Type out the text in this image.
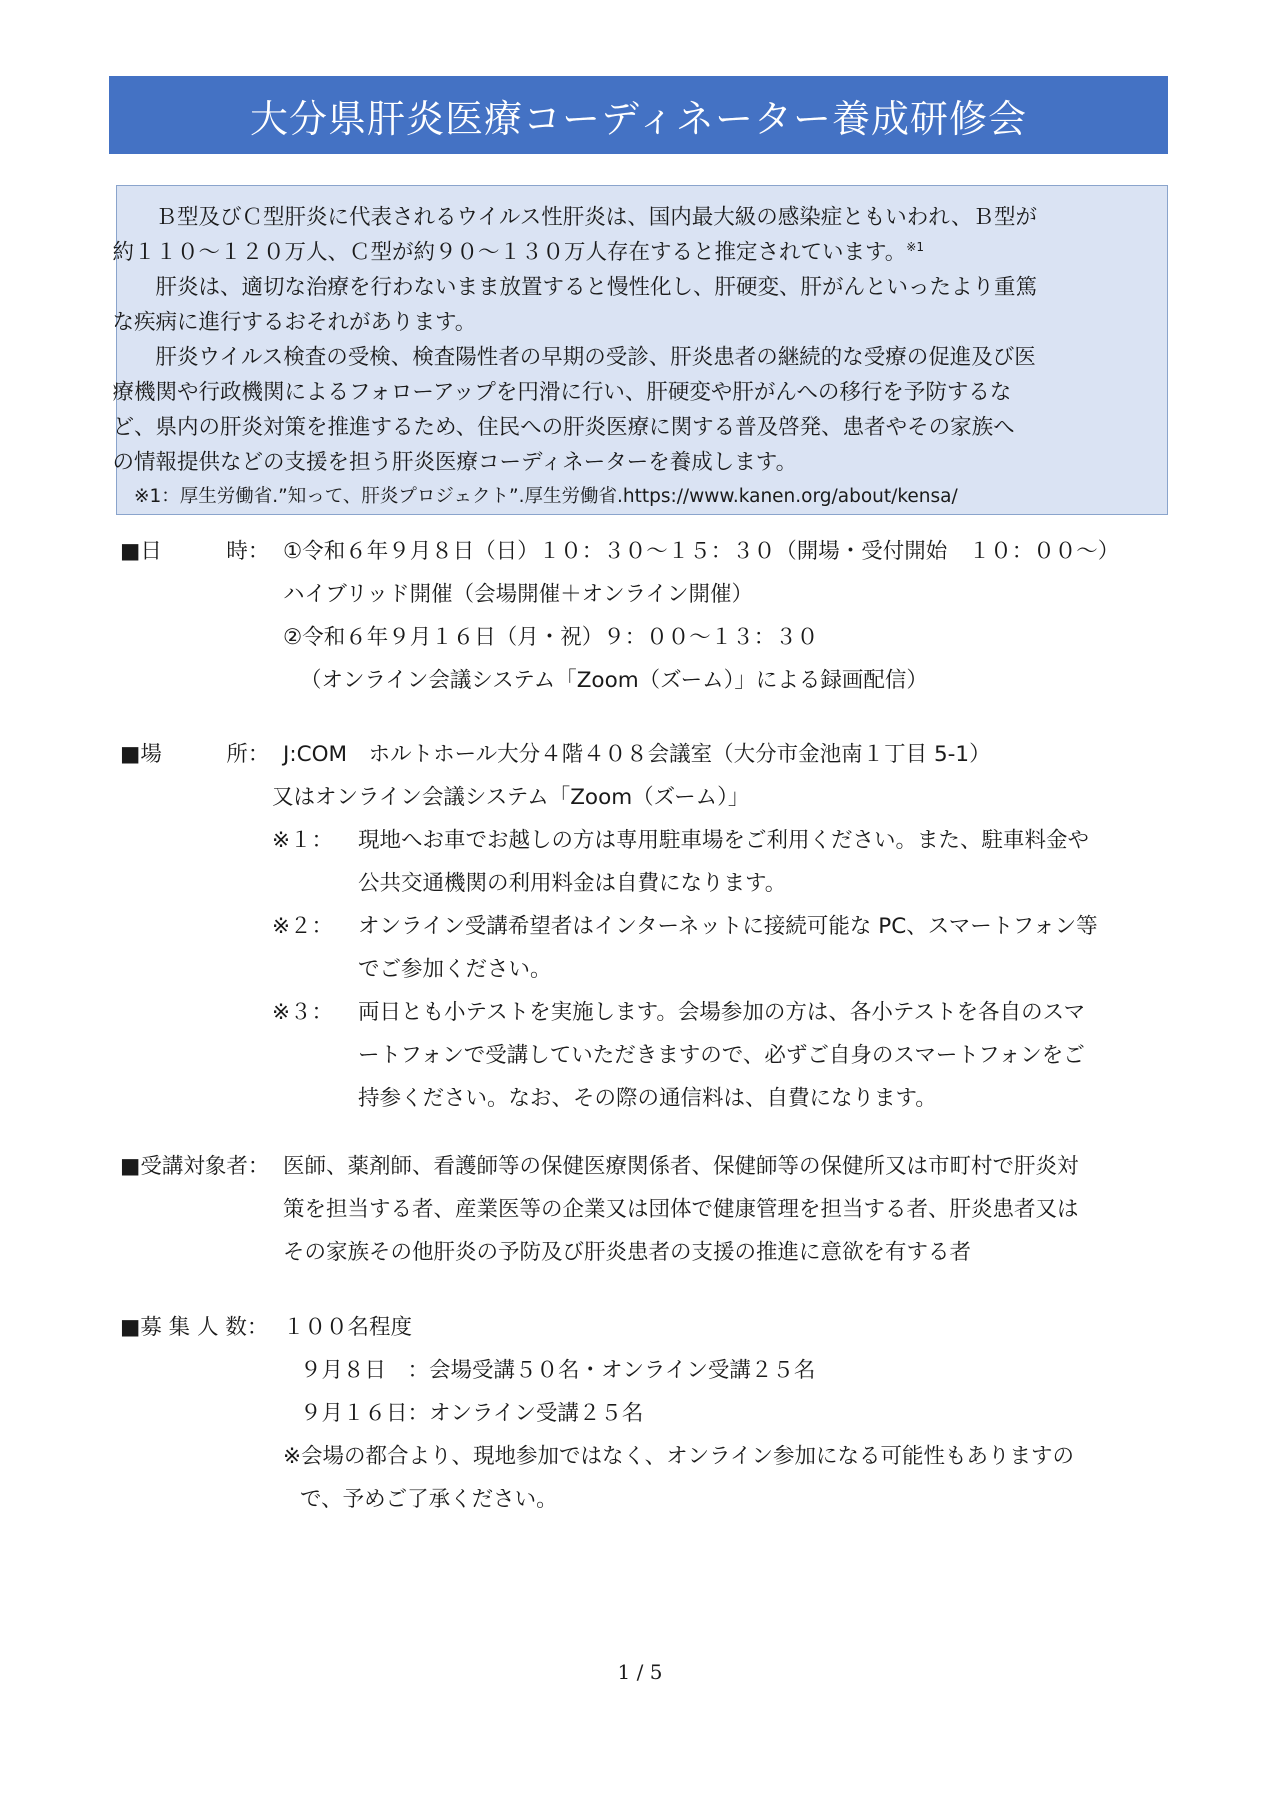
大分県肝炎医療コーディネーター養成研修会

Ｂ型及びＣ型肝炎に代表されるウイルス性肝炎は、国内最大級の感染症ともいわれ、Ｂ型が
約１１０～１２０万人、Ｃ型が約９０～１３０万人存在すると推定されています。$^{※1}$

肝炎は、適切な治療を行わないまま放置すると慢性化し、肝硬変、肝がんといったより重篤
な疾病に進行するおそれがあります。

肝炎ウイルス検査の受検、検査陽性者の早期の受診、肝炎患者の継続的な受療の促進及び医
療機関や行政機関によるフォローアップを円滑に行い、肝硬変や肝がんへの移行を予防するな
ど、県内の肝炎対策を推進するため、住民への肝炎医療に関する普及啓発、患者やその家族へ
の情報提供などの支援を担う肝炎医療コーディネーターを養成します。

※1：厚生労働省.”知って、肝炎プロジェクト”.厚生労働省.https://www.kanen.org/about/kensa/

■日　　　時： ①令和６年９月８日（日）１０：３０～１５：３０（開場・受付開始　１０：００～）
ハイブリッド開催（会場開催＋オンライン開催）
②令和６年９月１６日（月・祝）９：００～１３：３０
（オンライン会議システム「Zoom（ズーム）」による録画配信）
■場　　　所： J:COM　ホルトホール大分４階４０８会議室（大分市金池南１丁目 5-1）
又はオンライン会議システム「Zoom（ズーム）」
※１： 現地へお車でお越しの方は専用駐車場をご利用ください。また、駐車料金や
公共交通機関の利用料金は自費になります。
※２： オンライン受講希望者はインターネットに接続可能な PC、スマートフォン等
でご参加ください。
※３： 両日とも小テストを実施します。会場参加の方は、各小テストを各自のスマ
ートフォンで受講していただきますので、必ずご自身のスマートフォンをご
持参ください。なお、その際の通信料は、自費になります。
■受講対象者： 医師、薬剤師、看護師等の保健医療関係者、保健師等の保健所又は市町村で肝炎対
策を担当する者、産業医等の企業又は団体で健康管理を担当する者、肝炎患者又は
その家族その他肝炎の予防及び肝炎患者の支援の推進に意欲を有する者
■募 集 人 数： １００名程度
９月８日　：会場受講５０名・オンライン受講２５名
９月１６日：オンライン受講２５名
※会場の都合より、現地参加ではなく、オンライン参加になる可能性もありますの
で、予めご了承ください。
1 / 5
